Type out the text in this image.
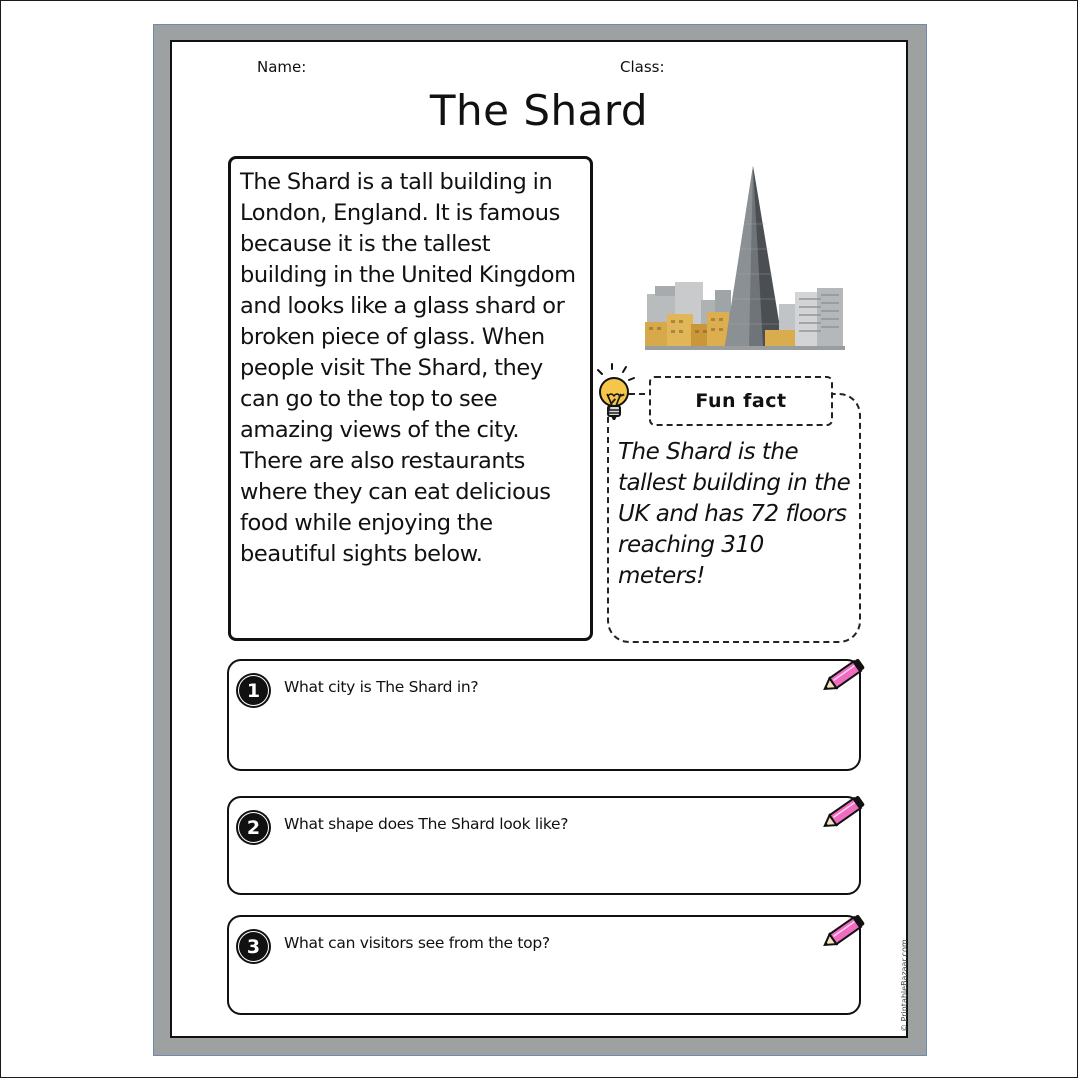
Name:	Class:
The Shard
The Shard is a tall building in London, England. It is famous because it is the tallest building in the United Kingdom and looks like a glass shard or broken piece of glass. When people visit The Shard, they can go to the top to see amazing views of the city. There are also restaurants where they can eat delicious food while enjoying the beautiful sights below.
Fun fact
The Shard is the tallest building in the UK and has 72 floors reaching 310 meters!
1	What city is The Shard in?
2	What shape does The Shard look like?
3	What can visitors see from the top?	© PrintableBazaar.com
